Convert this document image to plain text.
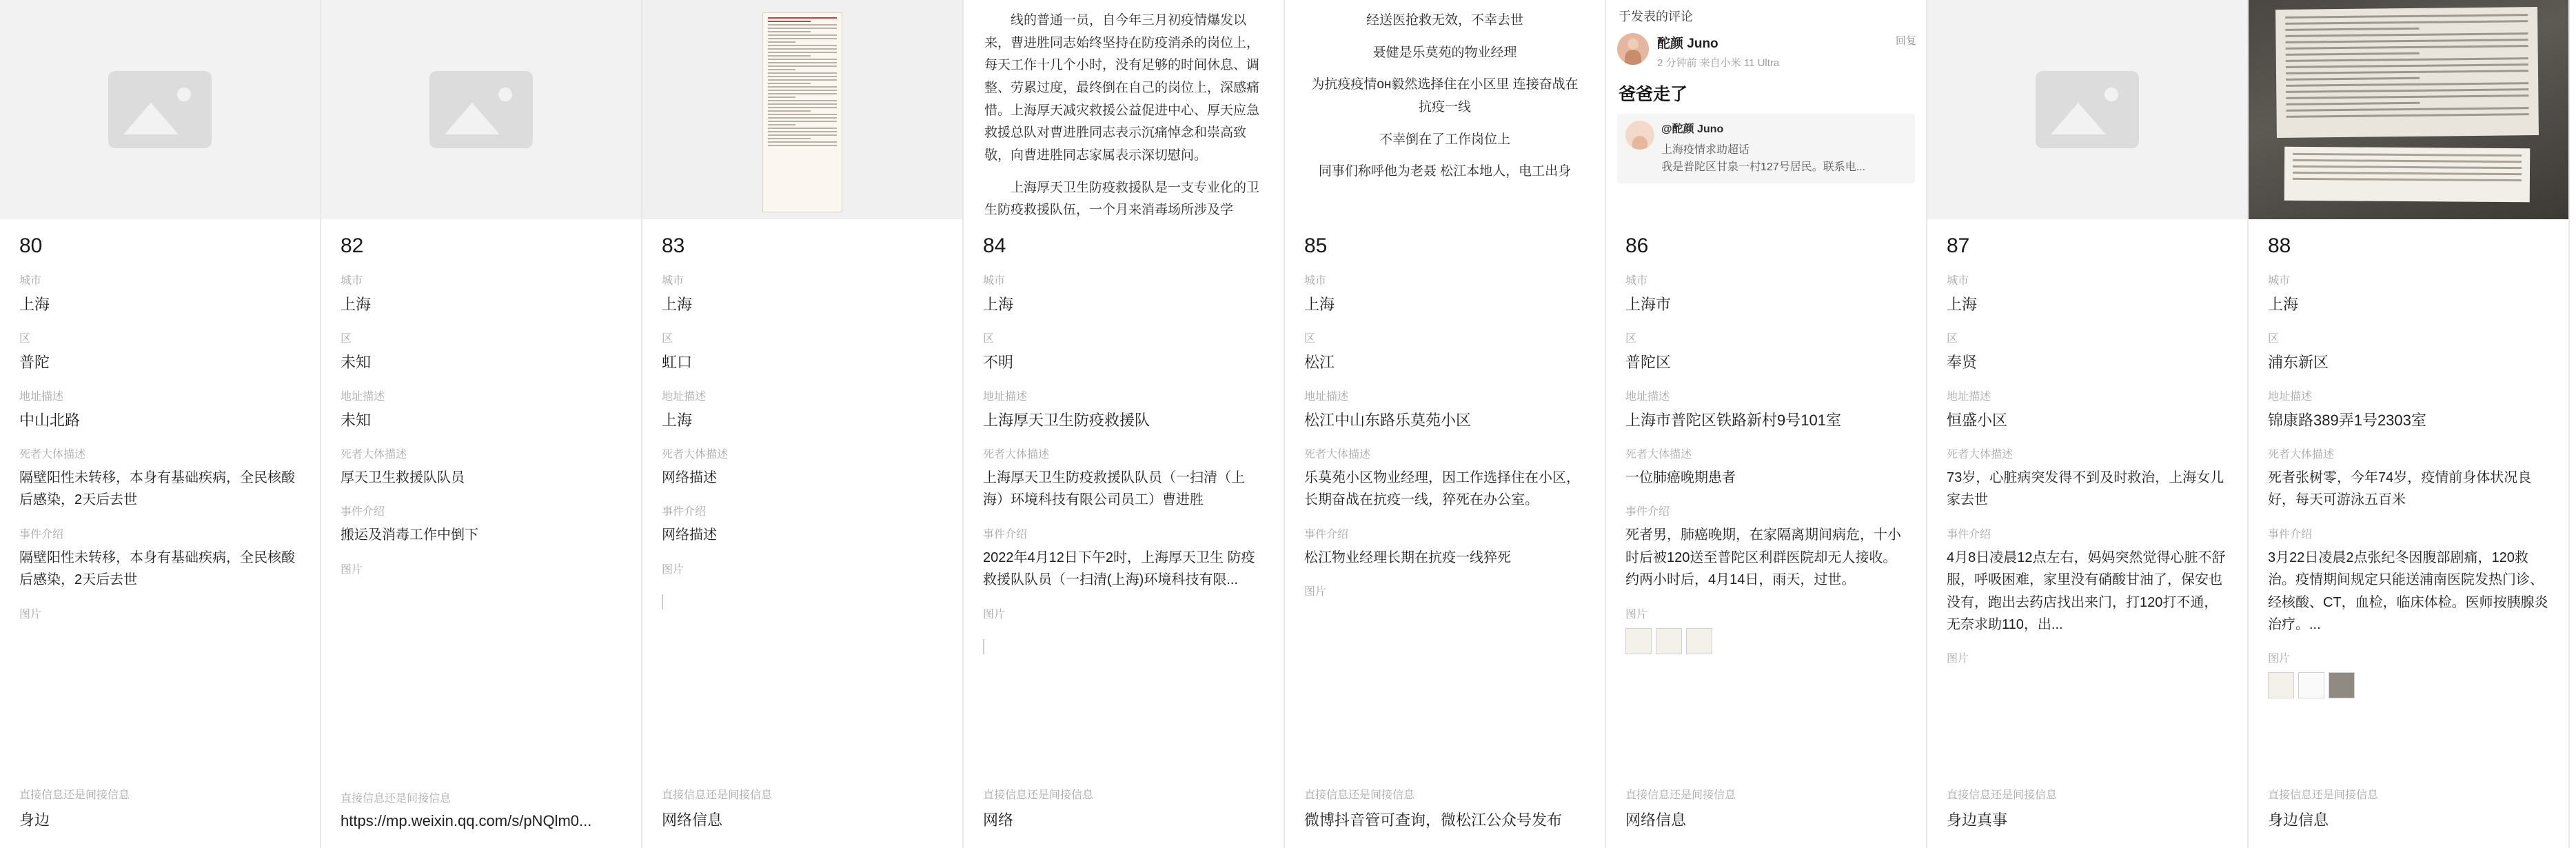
80
城市
上海
区
普陀
地址描述
中山北路
死者大体描述
隔壁阳性未转移，本身有基础疾病，全民核酸后感染，2天后去世
事件介绍
隔壁阳性未转移，本身有基础疾病，全民核酸后感染，2天后去世
图片
直接信息还是间接信息
身边
82
城市
上海
区
未知
地址描述
未知
死者大体描述
厚天卫生救援队队员
事件介绍
搬运及消毒工作中倒下
图片
直接信息还是间接信息
https://mp.weixin.qq.com/s/pNQlm0...
83
城市
上海
区
虹口
地址描述
上海
死者大体描述
网络描述
事件介绍
网络描述
图片
直接信息还是间接信息
网络信息

线的普通一员，自今年三月初疫情爆发以来，曹进胜同志始终坚持在防疫消杀的岗位上，每天工作十几个小时，没有足够的时间休息、调整、劳累过度，最终倒在自己的岗位上，深感痛惜。上海厚天减灾救援公益促进中心、厚天应急救援总队对曹进胜同志表示沉痛悼念和崇高致敬，向曹进胜同志家属表示深切慰问。

上海厚天卫生防疫救援队是一支专业化的卫生防疫救援队伍，一个月来消毒场所涉及学

84
城市
上海
区
不明
地址描述
上海厚天卫生防疫救援队
死者大体描述
上海厚天卫生防疫救援队队员（一扫清（上海）环境科技有限公司员工）曹进胜
事件介绍
2022年4月12日下午2时，上海厚天卫生 防疫救援队队员（一扫清(上海)环境科技有限...
图片
直接信息还是间接信息
网络

经送医抢救无效，不幸去世

聂健是乐莫苑的物业经理

为抗疫疫情он毅然选择住在小区里 连接奋战在抗疫一线

不幸倒在了工作岗位上

同事们称呼他为老聂 松江本地人，电工出身

85
城市
上海
区
松江
地址描述
松江中山东路乐莫苑小区
死者大体描述
乐莫苑小区物业经理，因工作选择住在小区，长期奋战在抗疫一线，猝死在办公室。
事件介绍
松江物业经理长期在抗疫一线猝死
图片
直接信息还是间接信息
微博抖音管可查询，微松江公众号发布
于发表的评论
酡颜 Juno
2 分钟前 来自小米 11 Ultra
回复
爸爸走了
@酡颜 Juno
上海疫情求助超话
我是普陀区甘泉一村127号居民。联系电...
86
城市
上海市
区
普陀区
地址描述
上海市普陀区铁路新村9号101室
死者大体描述
一位肺癌晚期患者
事件介绍
死者男，肺癌晚期，在家隔离期间病危，十小时后被120送至普陀区利群医院却无人接收。约两小时后，4月14日，雨天，过世。
图片
直接信息还是间接信息
网络信息
87
城市
上海
区
奉贤
地址描述
恒盛小区
死者大体描述
73岁，心脏病突发得不到及时救治，上海女儿家去世
事件介绍
4月8日凌晨12点左右，妈妈突然觉得心脏不舒服，呼吸困难，家里没有硝酸甘油了，保安也没有，跑出去药店找出来门，打120打不通，无奈求助110，出...
图片
直接信息还是间接信息
身边真事
88
城市
上海
区
浦东新区
地址描述
锦康路389弄1号2303室
死者大体描述
死者张树零，今年74岁，疫情前身体状况良好，每天可游泳五百米
事件介绍
3月22日凌晨2点张纪冬因腹部剧痛，120救治。疫情期间规定只能送浦南医院发热门诊、经核酸、CT，血检，临床体检。医师按胰腺炎治疗。...
图片
直接信息还是间接信息
身边信息
